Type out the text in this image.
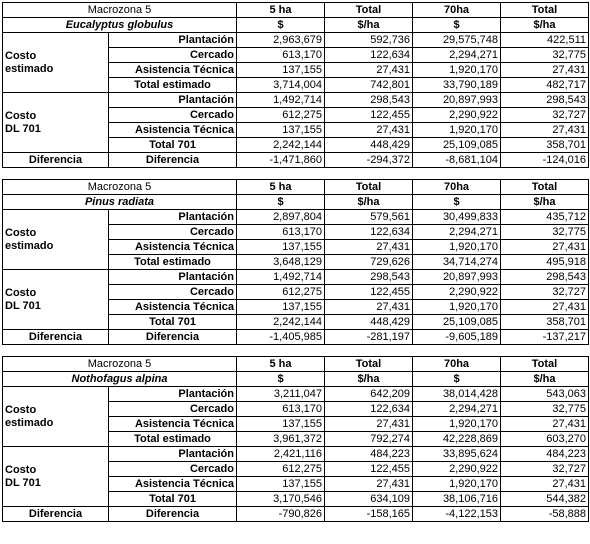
Macrozona 5		5 ha	Total	70ha	Total
Eucalyptus globulus		$	$/ha	$	$/ha

Costo
estimado	Plantación	2,963,679	592,736	29,575,748	422,511
	Cercado	613,170	122,634	2,294,271	32,775
	Asistencia Técnica	137,155	27,431	1,920,170	27,431
	Total estimado	3,714,004	742,801	33,790,189	482,717

Costo
DL 701	Plantación	1,492,714	298,543	20,897,993	298,543
	Cercado	612,275	122,455	2,290,922	32,727
	Asistencia Técnica	137,155	27,431	1,920,170	27,431
	Total 701	2,242,144	448,429	25,109,085	358,701
Diferencia	Diferencia	-1,471,860	-294,372	-8,681,104	-124,016
Macrozona 5		5 ha	Total	70ha	Total
Pinus radiata		$	$/ha	$	$/ha

Costo
estimado	Plantación	2,897,804	579,561	30,499,833	435,712
	Cercado	613,170	122,634	2,294,271	32,775
	Asistencia Técnica	137,155	27,431	1,920,170	27,431
	Total estimado	3,648,129	729,626	34,714,274	495,918

Costo
DL 701	Plantación	1,492,714	298,543	20,897,993	298,543
	Cercado	612,275	122,455	2,290,922	32,727
	Asistencia Técnica	137,155	27,431	1,920,170	27,431
	Total 701	2,242,144	448,429	25,109,085	358,701
Diferencia	Diferencia	-1,405,985	-281,197	-9,605,189	-137,217
Macrozona 5		5 ha	Total	70ha	Total
Nothofagus alpina		$	$/ha	$	$/ha

Costo
estimado	Plantación	3,211,047	642,209	38,014,428	543,063
	Cercado	613,170	122,634	2,294,271	32,775
	Asistencia Técnica	137,155	27,431	1,920,170	27,431
	Total estimado	3,961,372	792,274	42,228,869	603,270

Costo
DL 701	Plantación	2,421,116	484,223	33,895,624	484,223
	Cercado	612,275	122,455	2,290,922	32,727
	Asistencia Técnica	137,155	27,431	1,920,170	27,431
	Total 701	3,170,546	634,109	38,106,716	544,382
Diferencia	Diferencia	-790,826	-158,165	-4,122,153	-58,888
